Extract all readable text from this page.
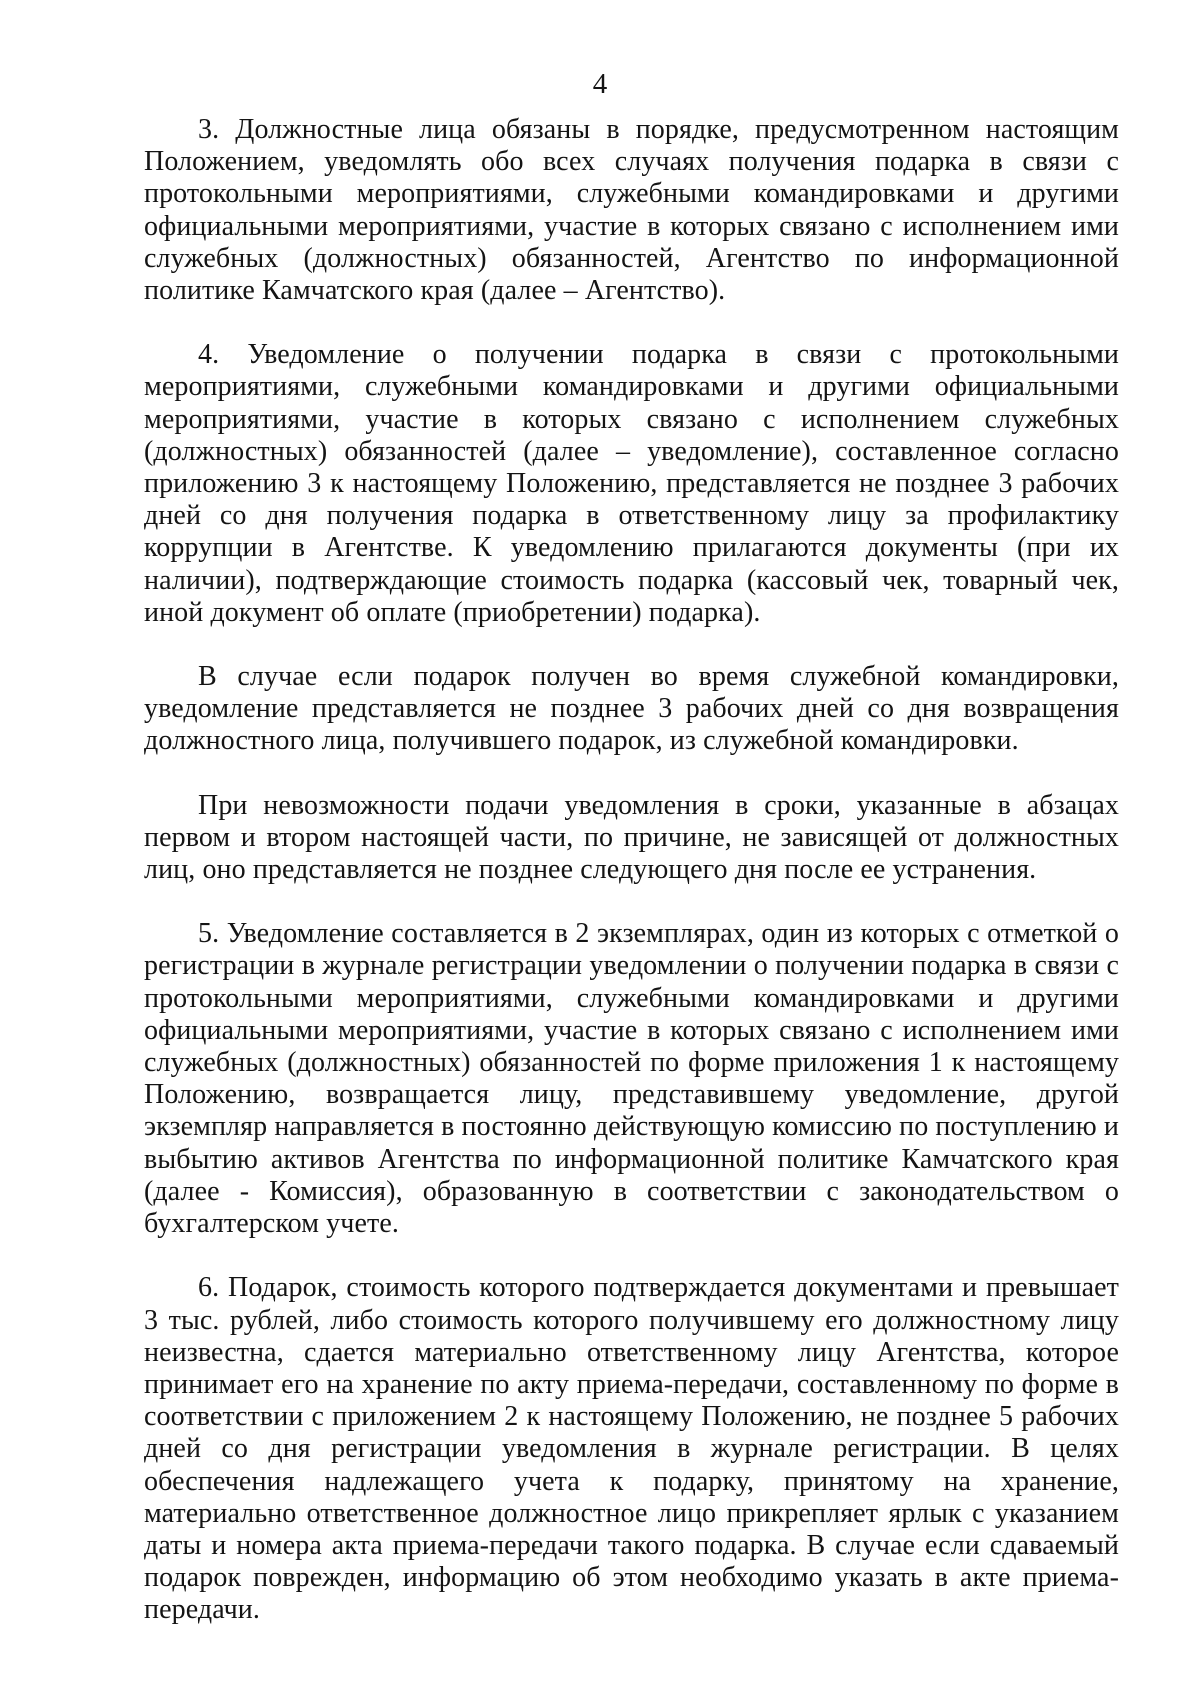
4

3. Должностные лица обязаны в порядке, предусмотренном настоящим Положением, уведомлять обо всех случаях получения подарка в связи с протокольными мероприятиями, служебными командировками и другими официальными мероприятиями, участие в которых связано с исполнением ими служебных (должностных) обязанностей, Агентство по информационной политике Камчатского края (далее – Агентство).

4. Уведомление о получении подарка в связи с протокольными мероприятиями, служебными командировками и другими официальными мероприятиями, участие в которых связано с исполнением служебных (должностных) обязанностей (далее – уведомление), составленное согласно приложению 3 к настоящему Положению, представляется не позднее 3 рабочих дней со дня получения подарка в ответственному лицу за профилактику коррупции в Агентстве. К уведомлению прилагаются документы (при их наличии), подтверждающие стоимость подарка (кассовый чек, товарный чек, иной документ об оплате (приобретении) подарка).

В случае если подарок получен во время служебной командировки, уведомление представляется не позднее 3 рабочих дней со дня возвращения должностного лица, получившего подарок, из служебной командировки.

При невозможности подачи уведомления в сроки, указанные в абзацах первом и втором настоящей части, по причине, не зависящей от должностных лиц, оно представляется не позднее следующего дня после ее устранения.

5. Уведомление составляется в 2 экземплярах, один из которых с отметкой о регистрации в журнале регистрации уведомлении о получении подарка в связи с протокольными мероприятиями, служебными командировками и другими официальными мероприятиями, участие в которых связано с исполнением ими служебных (должностных) обязанностей по форме приложения 1 к настоящему Положению, возвращается лицу, представившему уведомление, другой экземпляр направляется в постоянно действующую комиссию по поступлению и выбытию активов Агентства по информационной политике Камчатского края (далее - Комиссия), образованную в соответствии с законодательством о бухгалтерском учете.

6. Подарок, стоимость которого подтверждается документами и превышает 3 тыс. рублей, либо стоимость которого получившему его должностному лицу неизвестна, сдается материально ответственному лицу Агентства, которое принимает его на хранение по акту приема-передачи, составленному по форме в соответствии с приложением 2 к настоящему Положению, не позднее 5 рабочих дней со дня регистрации уведомления в журнале регистрации. В целях обеспечения надлежащего учета к подарку, принятому на хранение, материально ответственное должностное лицо прикрепляет ярлык с указанием даты и номера акта приема-передачи такого подарка. В случае если сдаваемый подарок поврежден, информацию об этом необходимо указать в акте приема-передачи.
